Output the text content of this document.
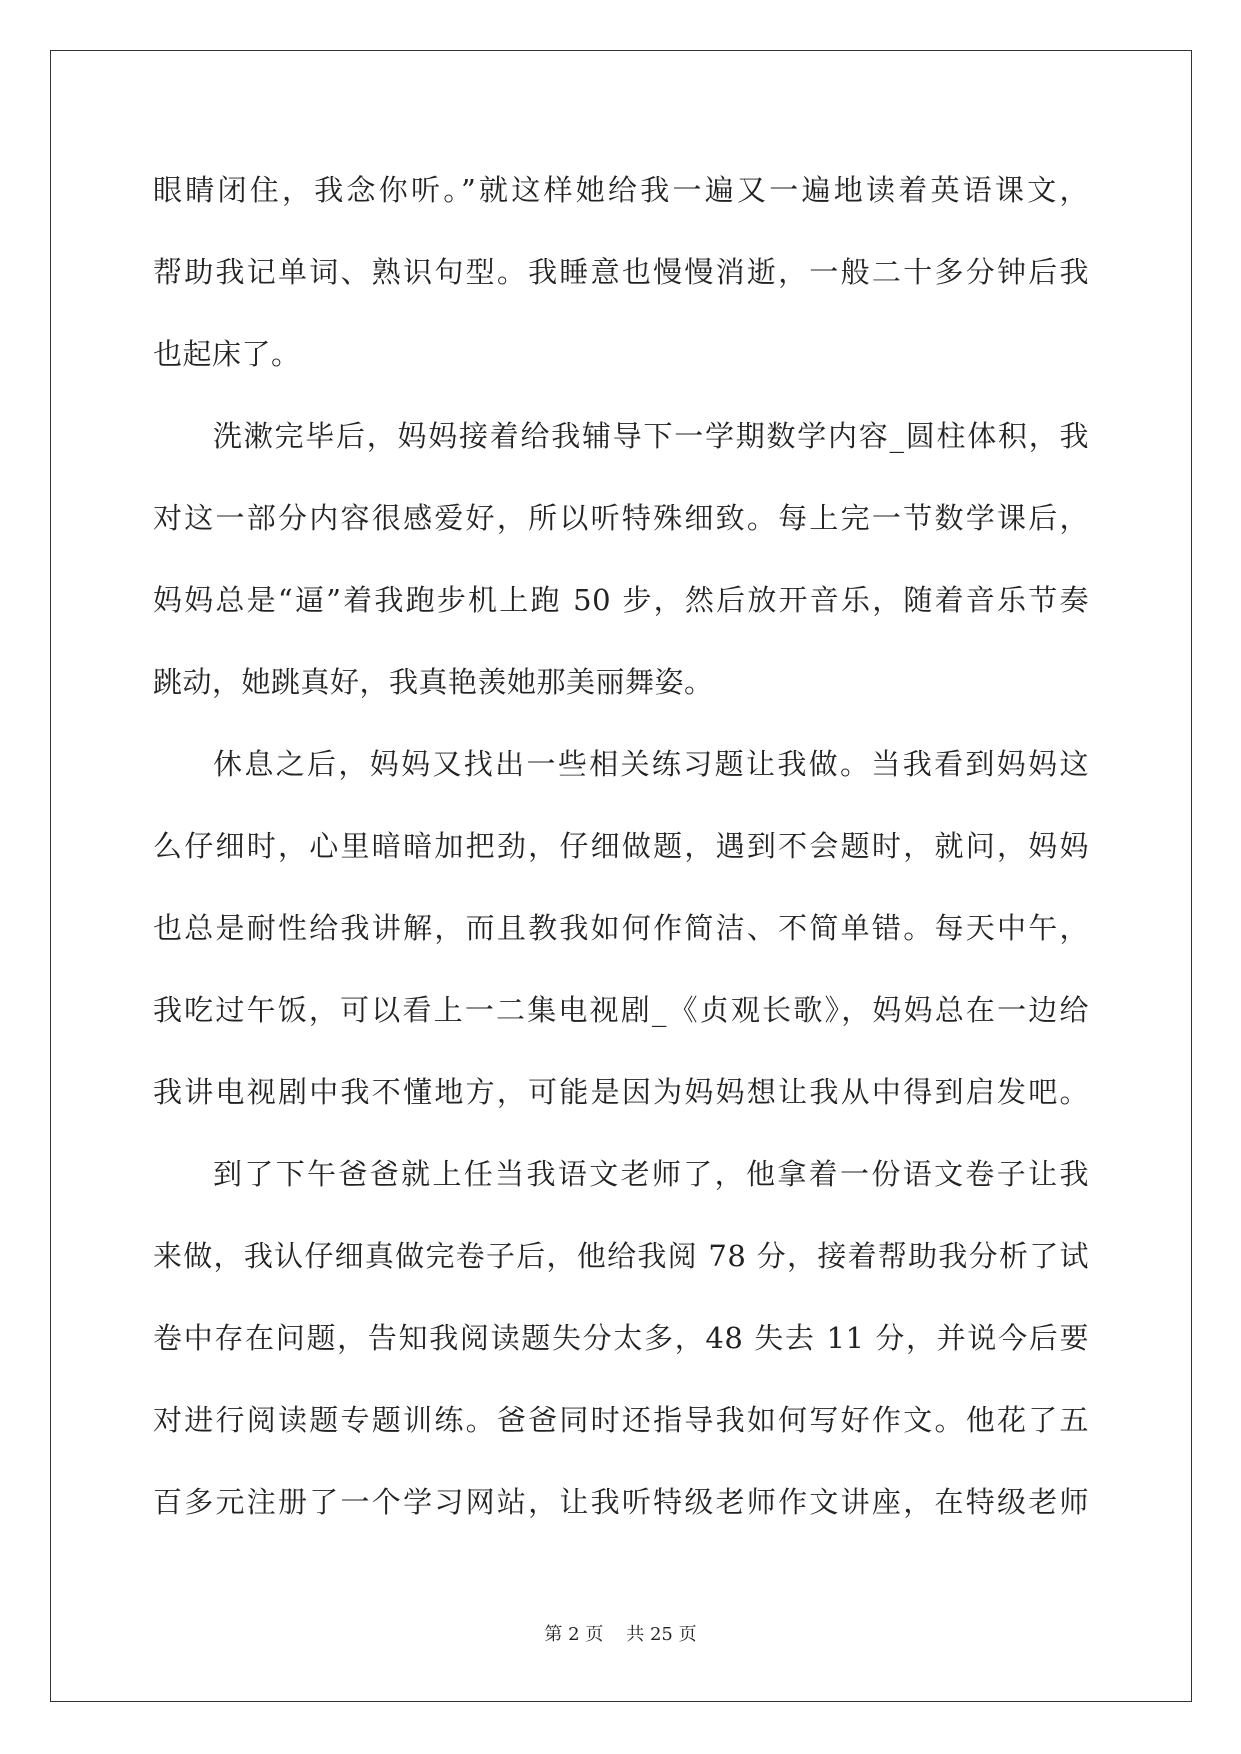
眼睛闭住，我念你听。”就这样她给我一遍又一遍地读着英语课文，
帮助我记单词、熟识句型。我睡意也慢慢消逝，一般二十多分钟后我
也起床了。
洗漱完毕后，妈妈接着给我辅导下一学期数学内容_圆柱体积，我
对这一部分内容很感爱好，所以听特殊细致。每上完一节数学课后，
妈妈总是“逼”着我跑步机上跑 50 步，然后放开音乐，随着音乐节奏
跳动，她跳真好，我真艳羡她那美丽舞姿。
休息之后，妈妈又找出一些相关练习题让我做。当我看到妈妈这
么仔细时，心里暗暗加把劲，仔细做题，遇到不会题时，就问，妈妈
也总是耐性给我讲解，而且教我如何作简洁、不简单错。每天中午，
我吃过午饭，可以看上一二集电视剧_《贞观长歌》，妈妈总在一边给
我讲电视剧中我不懂地方，可能是因为妈妈想让我从中得到启发吧。
到了下午爸爸就上任当我语文老师了，他拿着一份语文卷子让我
来做，我认仔细真做完卷子后，他给我阅 78 分，接着帮助我分析了试
卷中存在问题，告知我阅读题失分太多，48 失去 11 分，并说今后要
对进行阅读题专题训练。爸爸同时还指导我如何写好作文。他花了五
百多元注册了一个学习网站，让我听特级老师作文讲座，在特级老师
第 2 页 共 25 页
